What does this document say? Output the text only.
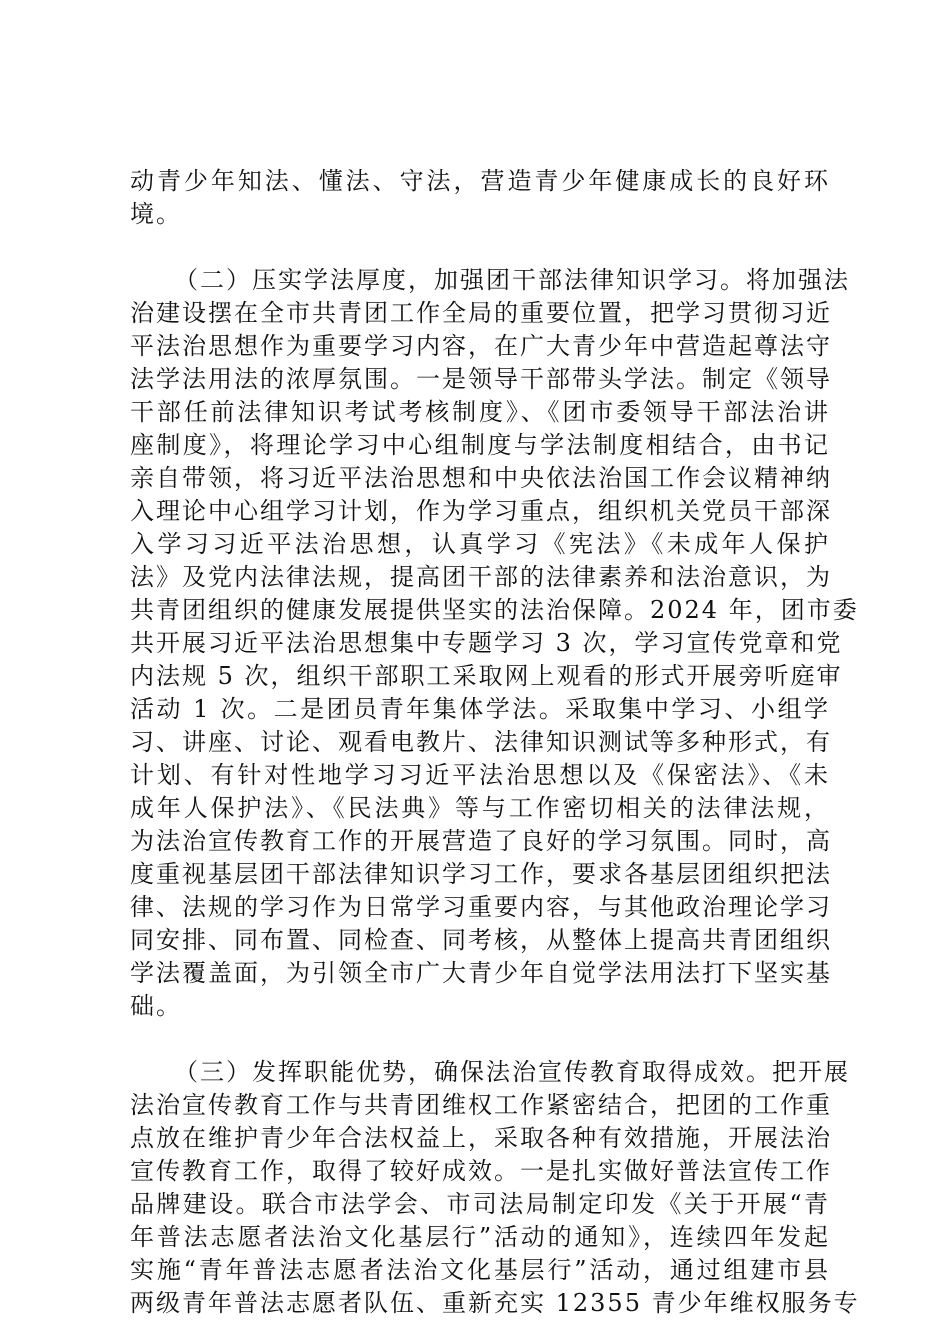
动青少年知法、懂法、守法，营造青少年健康成长的良好环
境。
（二）压实学法厚度，加强团干部法律知识学习。将加强法
治建设摆在全市共青团工作全局的重要位置，把学习贯彻习近
平法治思想作为重要学习内容，在广大青少年中营造起尊法守
法学法用法的浓厚氛围。一是领导干部带头学法。制定《领导
干部任前法律知识考试考核制度》、《团市委领导干部法治讲
座制度》，将理论学习中心组制度与学法制度相结合，由书记
亲自带领，将习近平法治思想和中央依法治国工作会议精神纳
入理论中心组学习计划，作为学习重点，组织机关党员干部深
入学习习近平法治思想，认真学习《宪法》《未成年人保护
法》及党内法律法规，提高团干部的法律素养和法治意识，为
共青团组织的健康发展提供坚实的法治保障。2024 年，团市委
共开展习近平法治思想集中专题学习 3 次，学习宣传党章和党
内法规 5 次，组织干部职工采取网上观看的形式开展旁听庭审
活动 1 次。二是团员青年集体学法。采取集中学习、小组学
习、讲座、讨论、观看电教片、法律知识测试等多种形式，有
计划、有针对性地学习习近平法治思想以及《保密法》、《未
成年人保护法》、《民法典》等与工作密切相关的法律法规，
为法治宣传教育工作的开展营造了良好的学习氛围。同时，高
度重视基层团干部法律知识学习工作，要求各基层团组织把法
律、法规的学习作为日常学习重要内容，与其他政治理论学习
同安排、同布置、同检查、同考核，从整体上提高共青团组织
学法覆盖面，为引领全市广大青少年自觉学法用法打下坚实基
础。
（三）发挥职能优势，确保法治宣传教育取得成效。把开展
法治宣传教育工作与共青团维权工作紧密结合，把团的工作重
点放在维护青少年合法权益上，采取各种有效措施，开展法治
宣传教育工作，取得了较好成效。一是扎实做好普法宣传工作
品牌建设。联合市法学会、市司法局制定印发《关于开展“青
年普法志愿者法治文化基层行”活动的通知》，连续四年发起
实施“青年普法志愿者法治文化基层行”活动，通过组建市县
两级青年普法志愿者队伍、重新充实 12355 青少年维权服务专
